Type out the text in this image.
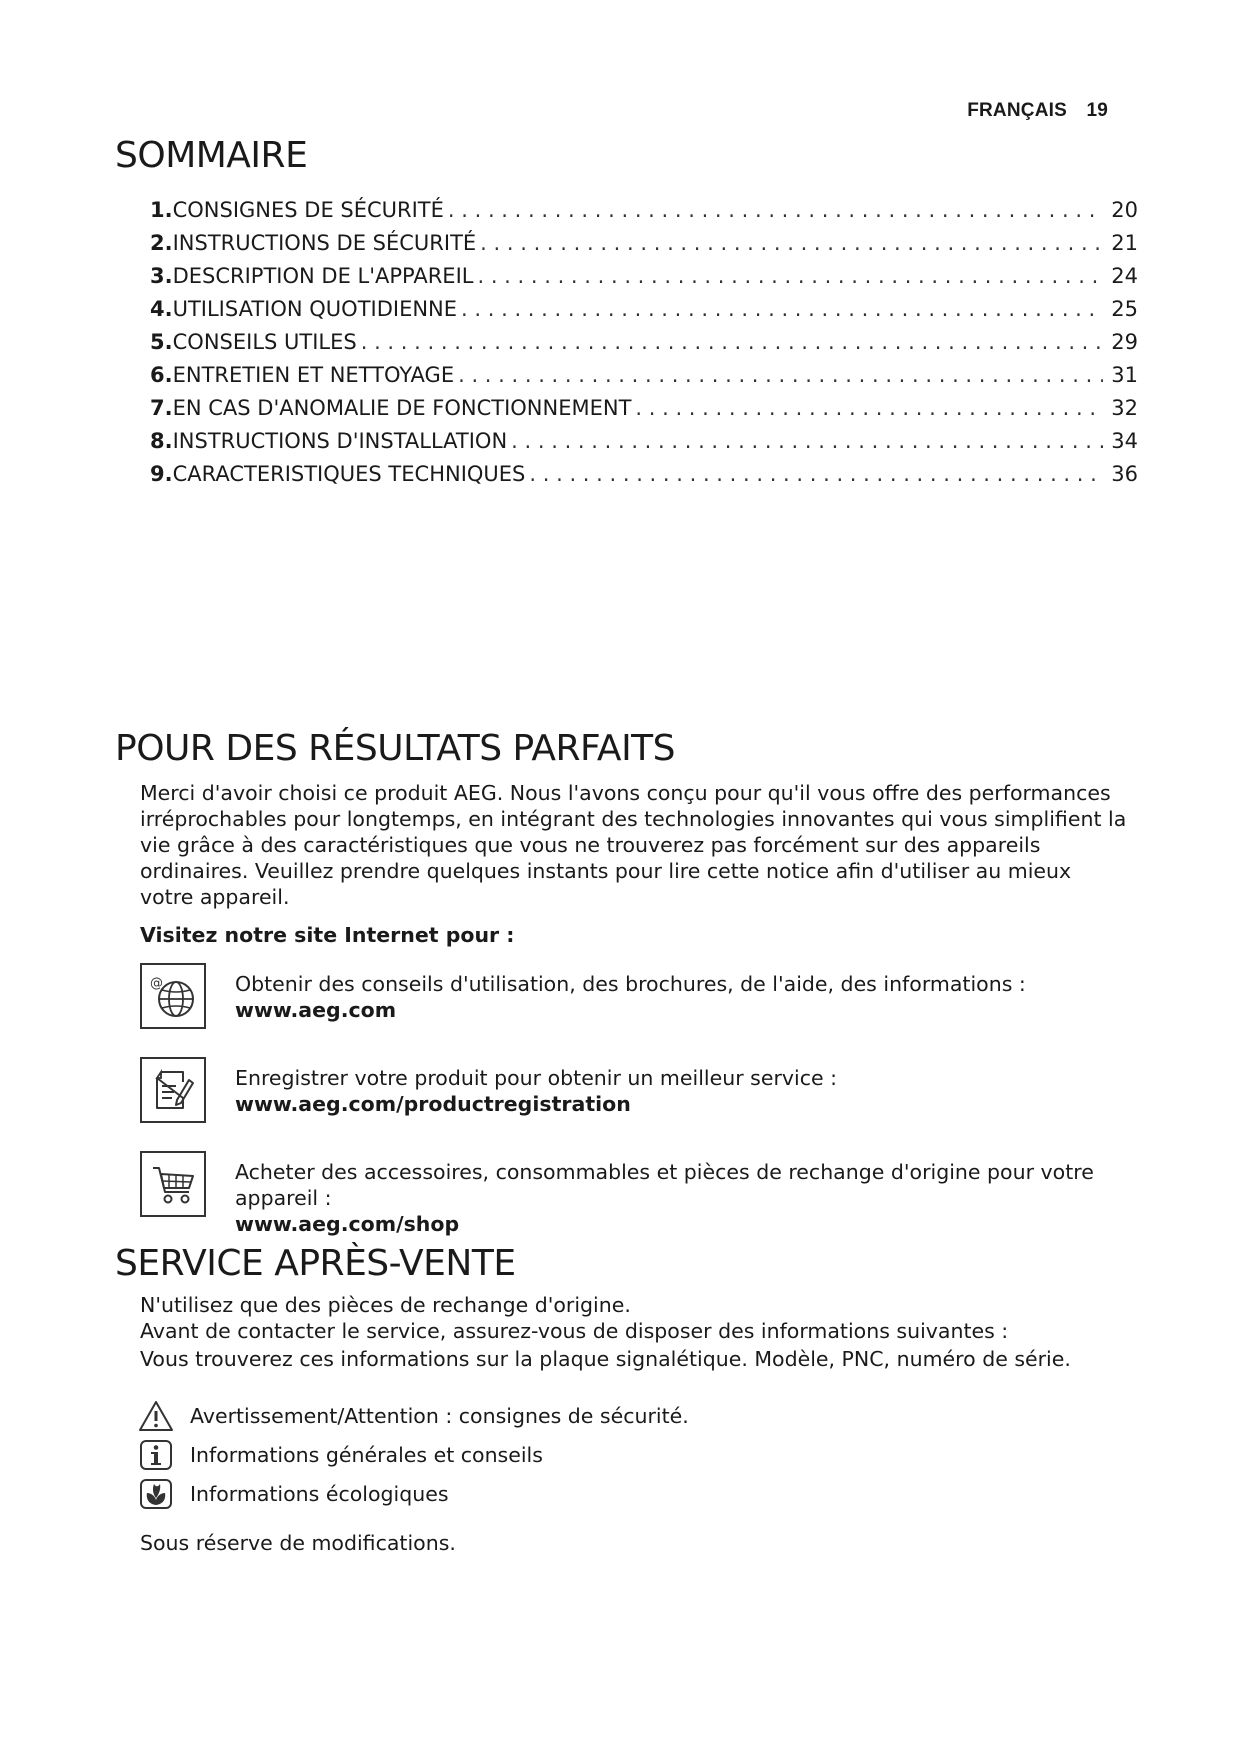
FRANÇAIS 19
SOMMAIRE
1. CONSIGNES DE SÉCURITÉ . . .	20
2. INSTRUCTIONS DE SÉCURITÉ . . .	21
3. DESCRIPTION DE L'APPAREIL . . .	24
4. UTILISATION QUOTIDIENNE . . .	25
5. CONSEILS UTILES . . .	29
6. ENTRETIEN ET NETTOYAGE . . .	31
7. EN CAS D'ANOMALIE DE FONCTIONNEMENT . . .	32
8. INSTRUCTIONS D'INSTALLATION . . .	34
9. CARACTERISTIQUES TECHNIQUES . . .	36
POUR DES RÉSULTATS PARFAITS

Merci d'avoir choisi ce produit AEG. Nous l'avons conçu pour qu'il vous offre des performances irréprochables pour longtemps, en intégrant des technologies innovantes qui vous simplifient la vie grâce à des caractéristiques que vous ne trouverez pas forcément sur des appareils ordinaires. Veuillez prendre quelques instants pour lire cette notice afin d'utiliser au mieux votre appareil.

Visitez notre site Internet pour :

@	Obtenir des conseils d'utilisation, des brochures, de l'aide, des informations :
www.aeg.com
Enregistrer votre produit pour obtenir un meilleur service :
www.aeg.com/productregistration
Acheter des accessoires, consommables et pièces de rechange d'origine pour votre appareil :
www.aeg.com/shop
SERVICE APRÈS-VENTE

N'utilisez que des pièces de rechange d'origine.

Avant de contacter le service, assurez-vous de disposer des informations suivantes :

Vous trouverez ces informations sur la plaque signalétique. Modèle, PNC, numéro de série.

Avertissement/Attention : consignes de sécurité.
Informations générales et conseils
Informations écologiques

Sous réserve de modifications.
